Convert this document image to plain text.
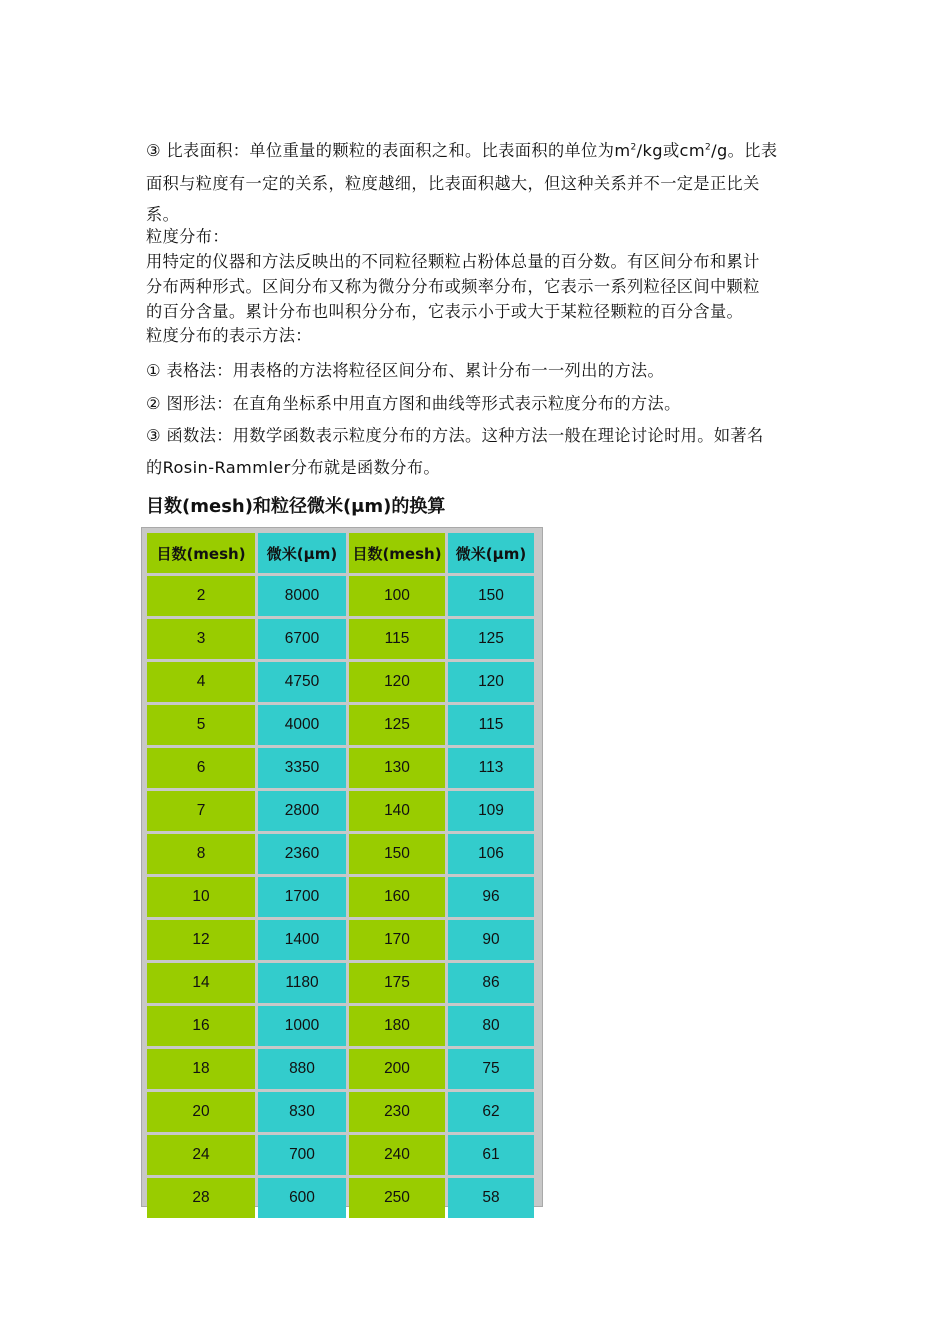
③ 比表面积：单位重量的颗粒的表面积之和。比表面积的单位为$m^2/kg$或$cm^2/g$。比表
面积与粒度有一定的关系，粒度越细，比表面积越大，但这种关系并不一定是正比关
系。
粒度分布：
用特定的仪器和方法反映出的不同粒径颗粒占粉体总量的百分数。有区间分布和累计
分布两种形式。区间分布又称为微分分布或频率分布，它表示一系列粒径区间中颗粒
的百分含量。累计分布也叫积分分布，它表示小于或大于某粒径颗粒的百分含量。
粒度分布的表示方法：
① 表格法：用表格的方法将粒径区间分布、累计分布一一列出的方法。
② 图形法：在直角坐标系中用直方图和曲线等形式表示粒度分布的方法。
③ 函数法：用数学函数表示粒度分布的方法。这种方法一般在理论讨论时用。如著名
的Rosin-Rammler分布就是函数分布。
目数(mesh)和粒径微米(μm)的换算
目数(mesh)	微米(μm)	目数(mesh)	微米(μm)
2	8000	100	150
3	6700	115	125
4	4750	120	120
5	4000	125	115
6	3350	130	113
7	2800	140	109
8	2360	150	106
10	1700	160	96
12	1400	170	90
14	1180	175	86
16	1000	180	80
18	880	200	75
20	830	230	62
24	700	240	61
28	600	250	58
